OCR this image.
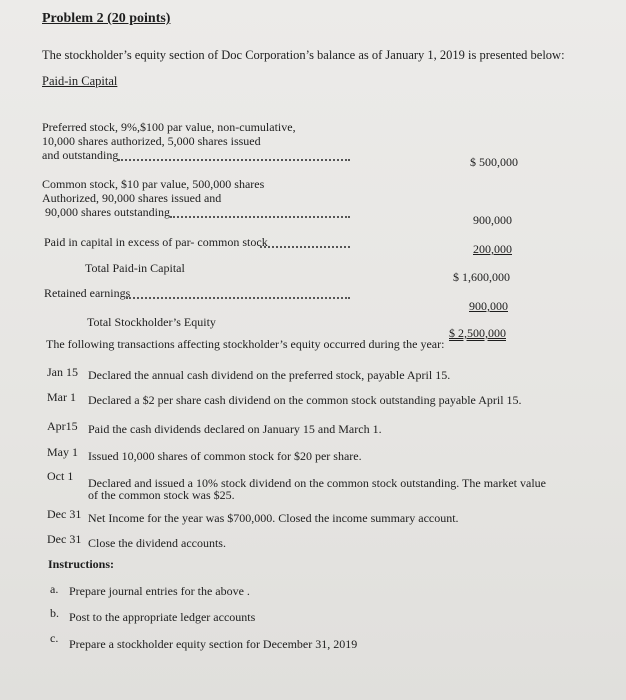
Problem 2 (20 points)
The stockholder’s equity section of Doc Corporation’s balance as of January 1, 2019 is presented below:
Paid-in Capital
Preferred stock, 9%,$100 par value, non-cumulative,
10,000 shares authorized, 5,000 shares issued
and outstanding	$ 500,000
Common stock, $10 par value, 500,000 shares
Authorized, 90,000 shares issued and
90,000 shares outstanding
900,000
Paid in capital in excess of par- common stock	200,000
Total Paid-in Capital
$ 1,600,000
Retained earnings
900,000
Total Stockholder’s Equity
$ 2,500,000
The following transactions affecting stockholder’s equity occurred during the year:
Jan 15 Declared the annual cash dividend on the preferred stock, payable April 15.
Mar 1 Declared a $2 per share cash dividend on the common stock outstanding payable April 15.
Apr15 Paid the cash dividends declared on January 15 and March 1.
May 1 Issued 10,000 shares of common stock for $20 per share.
Oct 1 Declared and issued a 10% stock dividend on the common stock outstanding. The market value of the common stock was $25.
Dec 31 Net Income for the year was $700,000. Closed the income summary account.
Dec 31 Close the dividend accounts.
Instructions:
a. Prepare journal entries for the above .
b. Post to the appropriate ledger accounts
c. Prepare a stockholder equity section for December 31, 2019
